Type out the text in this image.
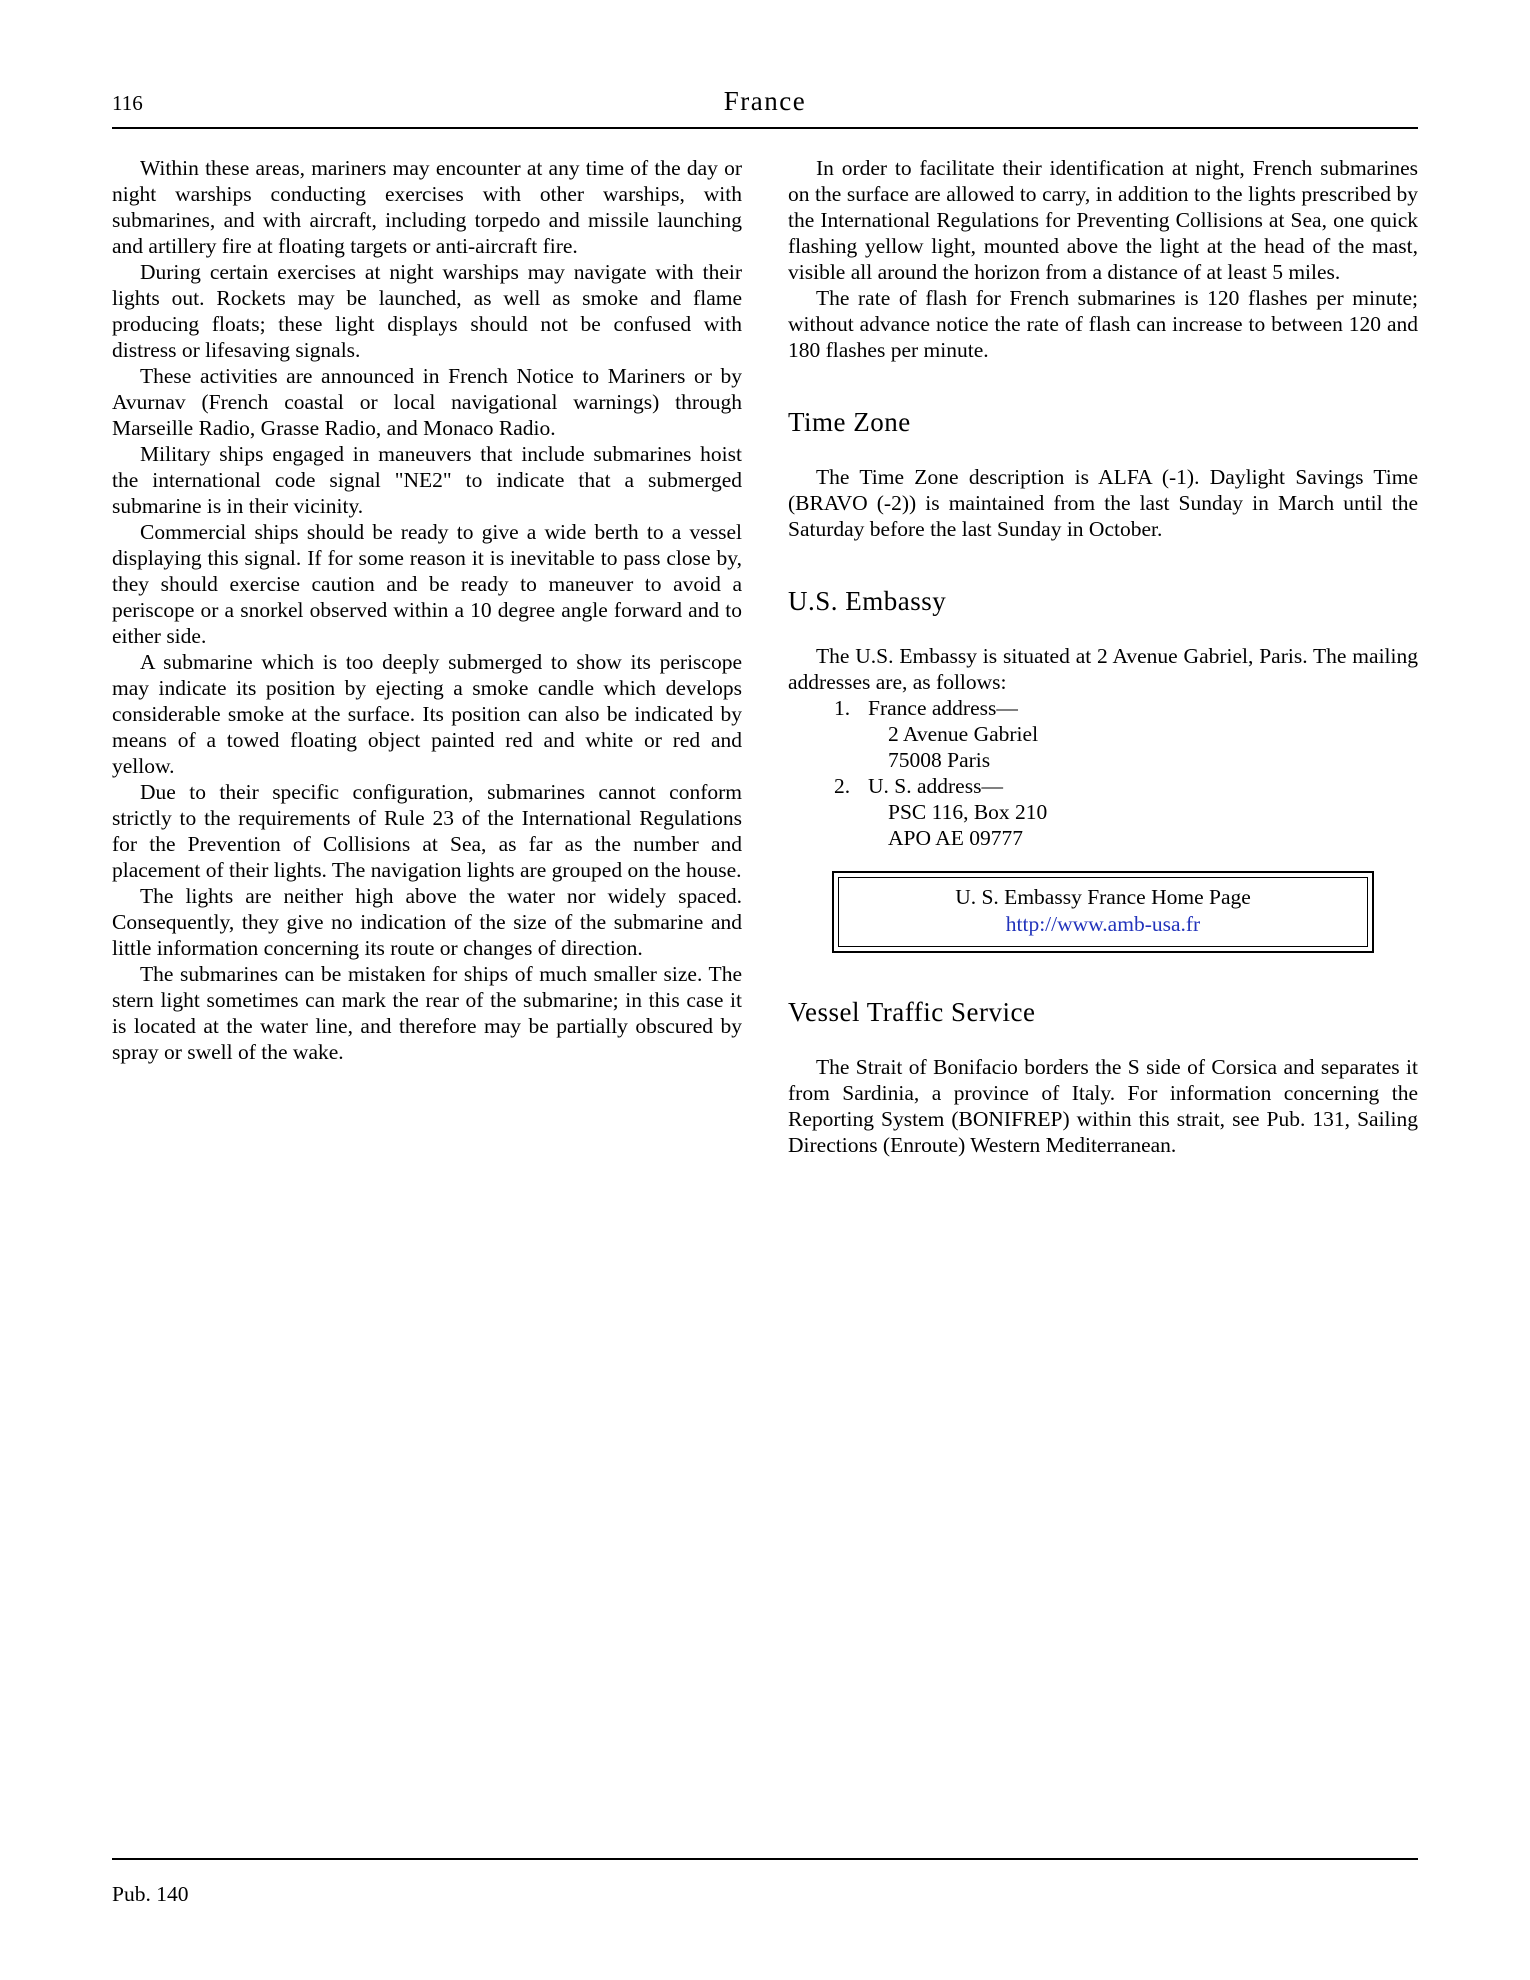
116	France

Within these areas, mariners may encounter at any time of the day or night warships conducting exercises with other warships, with submarines, and with aircraft, including torpedo and missile launching and artillery fire at floating targets or anti-aircraft fire.

During certain exercises at night warships may navigate with their lights out. Rockets may be launched, as well as smoke and flame producing floats; these light displays should not be confused with distress or lifesaving signals.

These activities are announced in French Notice to Mariners or by Avurnav (French coastal or local navigational warnings) through Marseille Radio, Grasse Radio, and Monaco Radio.

Military ships engaged in maneuvers that include submarines hoist the international code signal "NE2" to indicate that a submerged submarine is in their vicinity.

Commercial ships should be ready to give a wide berth to a vessel displaying this signal. If for some reason it is inevitable to pass close by, they should exercise caution and be ready to maneuver to avoid a periscope or a snorkel observed within a 10 degree angle forward and to either side.

A submarine which is too deeply submerged to show its periscope may indicate its position by ejecting a smoke candle which develops considerable smoke at the surface. Its position can also be indicated by means of a towed floating object painted red and white or red and yellow.

Due to their specific configuration, submarines cannot conform strictly to the requirements of Rule 23 of the International Regulations for the Prevention of Collisions at Sea, as far as the number and placement of their lights. The navigation lights are grouped on the house.

The lights are neither high above the water nor widely spaced. Consequently, they give no indication of the size of the submarine and little information concerning its route or changes of direction.

The submarines can be mistaken for ships of much smaller size. The stern light sometimes can mark the rear of the submarine; in this case it is located at the water line, and therefore may be partially obscured by spray or swell of the wake.

In order to facilitate their identification at night, French submarines on the surface are allowed to carry, in addition to the lights prescribed by the International Regulations for Preventing Collisions at Sea, one quick flashing yellow light, mounted above the light at the head of the mast, visible all around the horizon from a distance of at least 5 miles.

The rate of flash for French submarines is 120 flashes per minute; without advance notice the rate of flash can increase to between 120 and 180 flashes per minute.

Time Zone

The Time Zone description is ALFA (-1). Daylight Savings Time (BRAVO (-2)) is maintained from the last Sunday in March until the Saturday before the last Sunday in October.

U.S. Embassy

The U.S. Embassy is situated at 2 Avenue Gabriel, Paris. The mailing addresses are, as follows:

1. France address—
2 Avenue Gabriel
75008 Paris
2. U. S. address—
PSC 116, Box 210
APO AE 09777
U. S. Embassy France Home Page
http://www.amb-usa.fr
Vessel Traffic Service

The Strait of Bonifacio borders the S side of Corsica and separates it from Sardinia, a province of Italy. For information concerning the Reporting System (BONIFREP) within this strait, see Pub. 131, Sailing Directions (Enroute) Western Mediterranean.

Pub. 140
